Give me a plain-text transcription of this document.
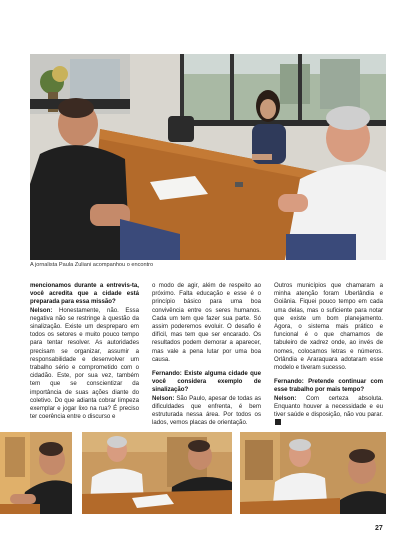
A jornalista Paula Zuliani acompanhou o encontro

mencionamos durante a entrevis-ta, você acredita que a cidade está preparada para essa missão?

Nelson: Honestamente, não. Essa negativa não se restringe à questão da sinalização. Existe um despreparo em todos os setores e muito pouco tempo para tentar resolver. As autoridades precisam se organizar, assumir a responsabilidade e desenvolver um trabalho sério e comprometido com o cidadão. Este, por sua vez, também tem que se conscientizar da importância de suas ações diante do coletivo. Do que adianta cobrar limpeza exemplar e jogar lixo na rua? É preciso ter coerência entre o discurso e

o modo de agir, além de respeito ao próximo. Falta educação e esse é o princípio básico para uma boa convivência entre os seres humanos. Cada um tem que fazer sua parte. Só assim poderemos evoluir. O desafio é difícil, mas tem que ser encarado. Os resultados podem demorar a aparecer, mas vale a pena lutar por uma boa causa.

Fernando: Existe alguma cidade que você considera exemplo de sinalização?

Nelson: São Paulo, apesar de todas as dificuldades que enfrenta, é bem estruturada nessa área. Por todos os lados, vemos placas de orientação.

Outros municípios que chamaram a minha atenção foram Uberlândia e Goiânia. Fiquei pouco tempo em cada uma delas, mas o suficiente para notar que existe um bom planejamento. Agora, o sistema mais prático e funcional é o que chamamos de tabuleiro de xadrez onde, ao invés de nomes, colocamos letras e números. Orlândia e Araraquara adotaram esse modelo e tiveram sucesso.

Fernando: Pretende continuar com esse trabalho por mais tempo?

Nelson: Com certeza absoluta. Enquanto houver a necessidade e eu tiver saúde e disposição, não vou parar.

27
